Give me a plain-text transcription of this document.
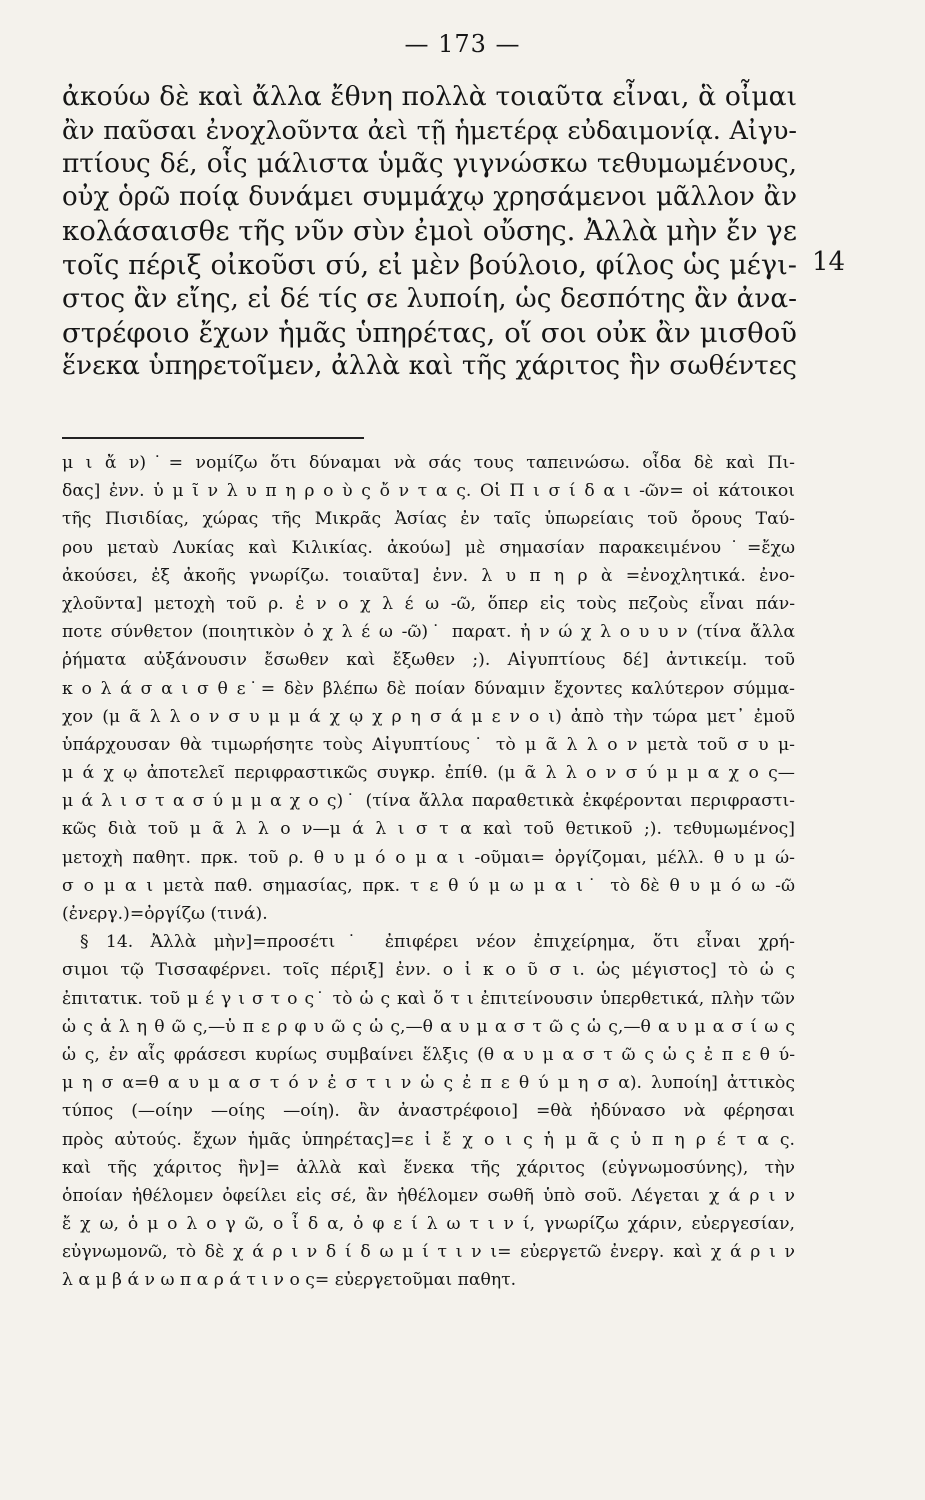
— 173 —
ἀκούω δὲ καὶ ἄλλα ἔθνη πολλὰ τοιαῦτα εἶναι, ἃ οἶμαι
ἂν παῦσαι ἐνοχλοῦντα ἀεὶ τῇ ἡμετέρᾳ εὐδαιμονίᾳ. Αἰγυ-
πτίους δέ, οἷς μάλιστα ὑμᾶς γιγνώσκω τεθυμωμένους,
οὐχ ὁρῶ ποίᾳ δυνάμει συμμάχῳ χρησάμενοι μᾶλλον ἂν
κολάσαισθε τῆς νῦν σὺν ἐμοὶ οὔσης. Ἀλλὰ μὴν ἔν γε
τοῖς πέριξ οἰκοῦσι σύ, εἰ μὲν βούλοιο, φίλος ὡς μέγι-
στος ἂν εἴης, εἰ δέ τίς σε λυποίη, ὡς δεσπότης ἂν ἀνα-
στρέφοιο ἔχων ἡμᾶς ὑπηρέτας, οἵ σοι οὐκ ἂν μισθοῦ
ἕνεκα ὑπηρετοῖμεν, ἀλλὰ καὶ τῆς χάριτος ἣν σωθέντες
14
μ ι ἄ ν)˙= νομίζω ὅτι δύναμαι νὰ σάς τους ταπεινώσω. οἶδα δὲ καὶ Πι-
δας] ἐνν. ὑ μ ῖ ν λ υ π η ρ ο ὺ ς ὄ ν τ α ς. Οἱ Π ι σ ί δ α ι -ῶν= οἱ κάτοικοι
τῆς Πισιδίας, χώρας τῆς Μικρᾶς Ἀσίας ἐν ταῖς ὑπωρείαις τοῦ ὄρους Ταύ-
ρου μεταὺ Λυκίας καὶ Κιλικίας. ἀκούω] μὲ σημασίαν παρακειμένου˙=ἔχω
ἀκούσει, ἐξ ἀκοῆς γνωρίζω. τοιαῦτα] ἐνν. λ υ π η ρ ὰ =ἐνοχλητικά. ἐνο-
χλοῦντα] μετοχὴ τοῦ ρ. ἐ ν ο χ λ έ ω -ῶ, ὅπερ εἰς τοὺς πεζοὺς εἶναι πάν-
ποτε σύνθετον (ποιητικὸν ὀ χ λ έ ω -ῶ)˙ παρατ. ἠ ν ώ χ λ ο υ υ ν (τίνα ἄλλα
ῥήματα αὐξάνουσιν ἔσωθεν καὶ ἔξωθεν ;). Αἰγυπτίους δέ] ἀντικείμ. τοῦ
κ ο λ ά σ α ι σ θ ε˙= δὲν βλέπω δὲ ποίαν δύναμιν ἔχοντες καλύτερον σύμμα-
χον (μ ᾶ λ λ ο ν σ υ μ μ ά χ ῳ χ ρ η σ ά μ ε ν ο ι) ἀπὸ τὴν τώρα μετ᾽ ἐμοῦ
ὑπάρχουσαν θὰ τιμωρήσητε τοὺς Αἰγυπτίους˙ τὸ μ ᾶ λ λ ο ν μετὰ τοῦ σ υ μ-
μ ά χ ῳ ἀποτελεῖ περιφραστικῶς συγκρ. ἐπίθ. (μ ᾶ λ λ ο ν σ ύ μ μ α χ ο ς—
μ ά λ ι σ τ α σ ύ μ μ α χ ο ς)˙ (τίνα ἄλλα παραθετικὰ ἐκφέρονται περιφραστι-
κῶς διὰ τοῦ μ ᾶ λ λ ο ν—μ ά λ ι σ τ α καὶ τοῦ θετικοῦ ;). τεθυμωμένος]
μετοχὴ παθητ. πρκ. τοῦ ρ. θ υ μ ό ο μ α ι -οῦμαι= ὀργίζομαι, μέλλ. θ υ μ ώ-
σ ο μ α ι μετὰ παθ. σημασίας, πρκ. τ ε θ ύ μ ω μ α ι˙ τὸ δὲ θ υ μ ό ω -ῶ
(ἐνεργ.)=ὀργίζω (τινά).
§ 14. Ἀλλὰ μὴν]=προσέτι˙ ἐπιφέρει νέον ἐπιχείρημα, ὅτι εἶναι χρή-
σιμοι τῷ Τισσαφέρνει. τοῖς πέριξ] ἐνν. ο ἰ κ ο ῦ σ ι. ὡς μέγιστος] τὸ ὡ ς
ἐπιτατικ. τοῦ μ έ γ ι σ τ ο ς˙ τὸ ὡ ς καὶ ὅ τ ι ἐπιτείνουσιν ὑπερθετικά, πλὴν τῶν
ὡ ς ἀ λ η θ ῶ ς,—ὑ π ε ρ φ υ ῶ ς ὡ ς,—θ α υ μ α σ τ ῶ ς ὡ ς,—θ α υ μ α σ ί ω ς
ὡ ς, ἐν αἷς φράσεσι κυρίως συμβαίνει ἕλξις (θ α υ μ α σ τ ῶ ς ὡ ς ἐ π ε θ ύ-
μ η σ α=θ α υ μ α σ τ ό ν ἐ σ τ ι ν ὡ ς ἐ π ε θ ύ μ η σ α). λυποίη] ἀττικὸς
τύπος (—οίην —οίης —οίη). ἂν ἀναστρέφοιο] =θὰ ἠδύνασο νὰ φέρησαι
πρὸς αὐτούς. ἔχων ἡμᾶς ὑπηρέτας]=ε ἰ ἔ χ ο ι ς ἡ μ ᾶ ς ὑ π η ρ έ τ α ς.
καὶ τῆς χάριτος ἣν]= ἀλλὰ καὶ ἕνεκα τῆς χάριτος (εὐγνωμοσύνης), τὴν
ὁποίαν ἠθέλομεν ὀφείλει εἰς σέ, ἂν ἠθέλομεν σωθῆ ὑπὸ σοῦ. Λέγεται χ ά ρ ι ν
ἔ χ ω, ὁ μ ο λ ο γ ῶ, ο ἶ δ α, ὀ φ ε ί λ ω τ ι ν ί, γνωρίζω χάριν, εὐεργεσίαν,
εὐγνωμονῶ, τὸ δὲ χ ά ρ ι ν δ ί δ ω μ ί τ ι ν ι= εὐεργετῶ ἐνεργ. καὶ χ ά ρ ι ν
λ α μ β ά ν ω π α ρ ά τ ι ν ο ς= εὐεργετοῦμαι παθητ.
